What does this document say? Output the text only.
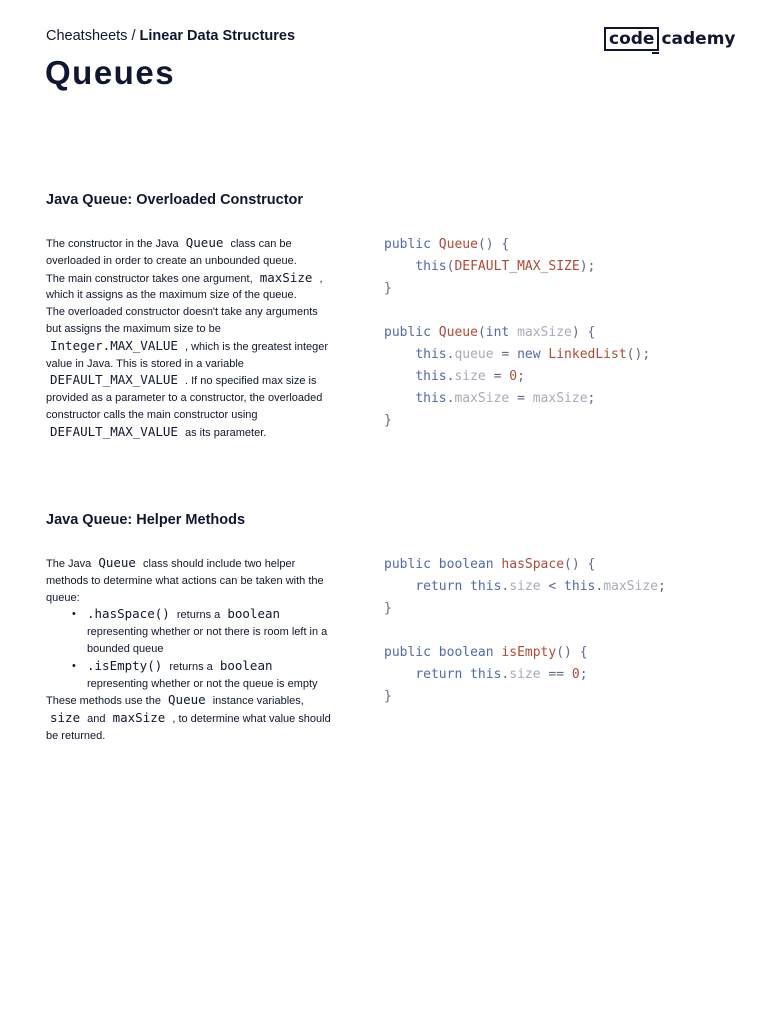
Cheatsheets / Linear Data Structures	code cademy
Queues
Java Queue: Overloaded Constructor

The constructor in the Java Queue class can be overloaded in order to create an unbounded queue.

The main constructor takes one argument, maxSize , which it assigns as the maximum size of the queue.

The overloaded constructor doesn't take any arguments but assigns the maximum size to be Integer.MAX_VALUE , which is the greatest integer value in Java. This is stored in a variable DEFAULT_MAX_VALUE . If no specified max size is provided as a parameter to a constructor, the overloaded constructor calls the main constructor using DEFAULT_MAX_VALUE as its parameter.

public Queue() {
this(DEFAULT_MAX_SIZE);
}

public Queue(int maxSize) {
this.queue = new LinkedList();
this.size = 0;
this.maxSize = maxSize;
}
Java Queue: Helper Methods

The Java Queue class should include two helper methods to determine what actions can be taken with the queue:

• .hasSpace() returns a boolean representing whether or not there is room left in a bounded queue
• .isEmpty() returns a boolean representing whether or not the queue is empty

These methods use the Queue instance variables, size and maxSize , to determine what value should be returned.

public boolean hasSpace() {
return this.size < this.maxSize;
}

public boolean isEmpty() {
return this.size == 0;
}
